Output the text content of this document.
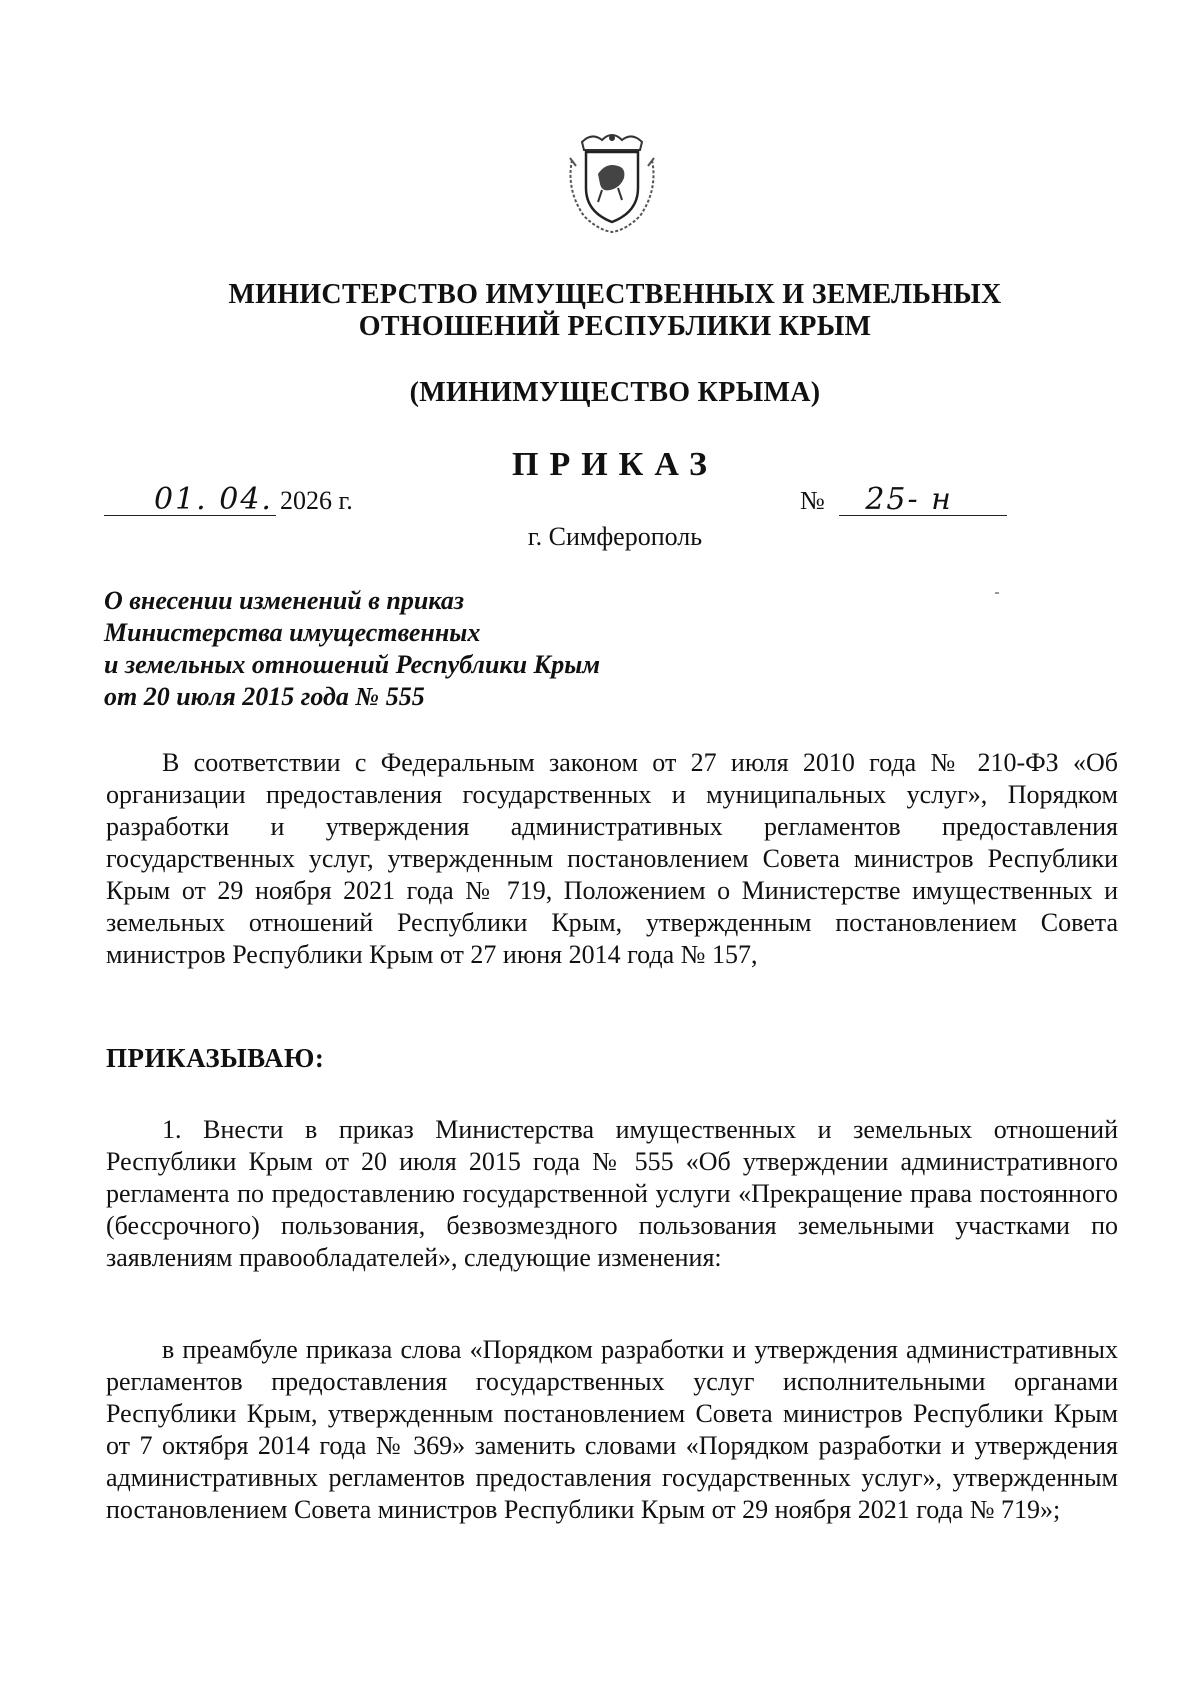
МИНИСТЕРСТВО ИМУЩЕСТВЕННЫХ И ЗЕМЕЛЬНЫХ
ОТНОШЕНИЙ РЕСПУБЛИКИ КРЫМ
(МИНИМУЩЕСТВО КРЫМА)
ПРИКАЗ
01. 04. 2026 г.	№ 25- н
г. Симферополь
О внесении изменений в приказ
Министерства имущественных
и земельных отношений Республики Крым
от 20 июля 2015 года № 555
В соответствии с Федеральным законом от 27 июля 2010 года № 210-ФЗ «Об организации предоставления государственных и муниципальных услуг», Порядком разработки и утверждения административных регламентов предоставления государственных услуг, утвержденным постановлением Совета министров Республики Крым от 29 ноября 2021 года № 719, Положением о Министерстве имущественных и земельных отношений Республики Крым, утвержденным постановлением Совета министров Республики Крым от 27 июня 2014 года № 157,
ПРИКАЗЫВАЮ:
1. Внести в приказ Министерства имущественных и земельных отношений Республики Крым от 20 июля 2015 года № 555 «Об утверждении административного регламента по предоставлению государственной услуги «Прекращение права постоянного (бессрочного) пользования, безвозмездного пользования земельными участками по заявлениям правообладателей», следующие изменения:
в преамбуле приказа слова «Порядком разработки и утверждения административных регламентов предоставления государственных услуг исполнительными органами Республики Крым, утвержденным постановлением Совета министров Республики Крым от 7 октября 2014 года № 369» заменить словами «Порядком разработки и утверждения административных регламентов предоставления государственных услуг», утвержденным постановлением Совета министров Республики Крым от 29 ноября 2021 года № 719»;
